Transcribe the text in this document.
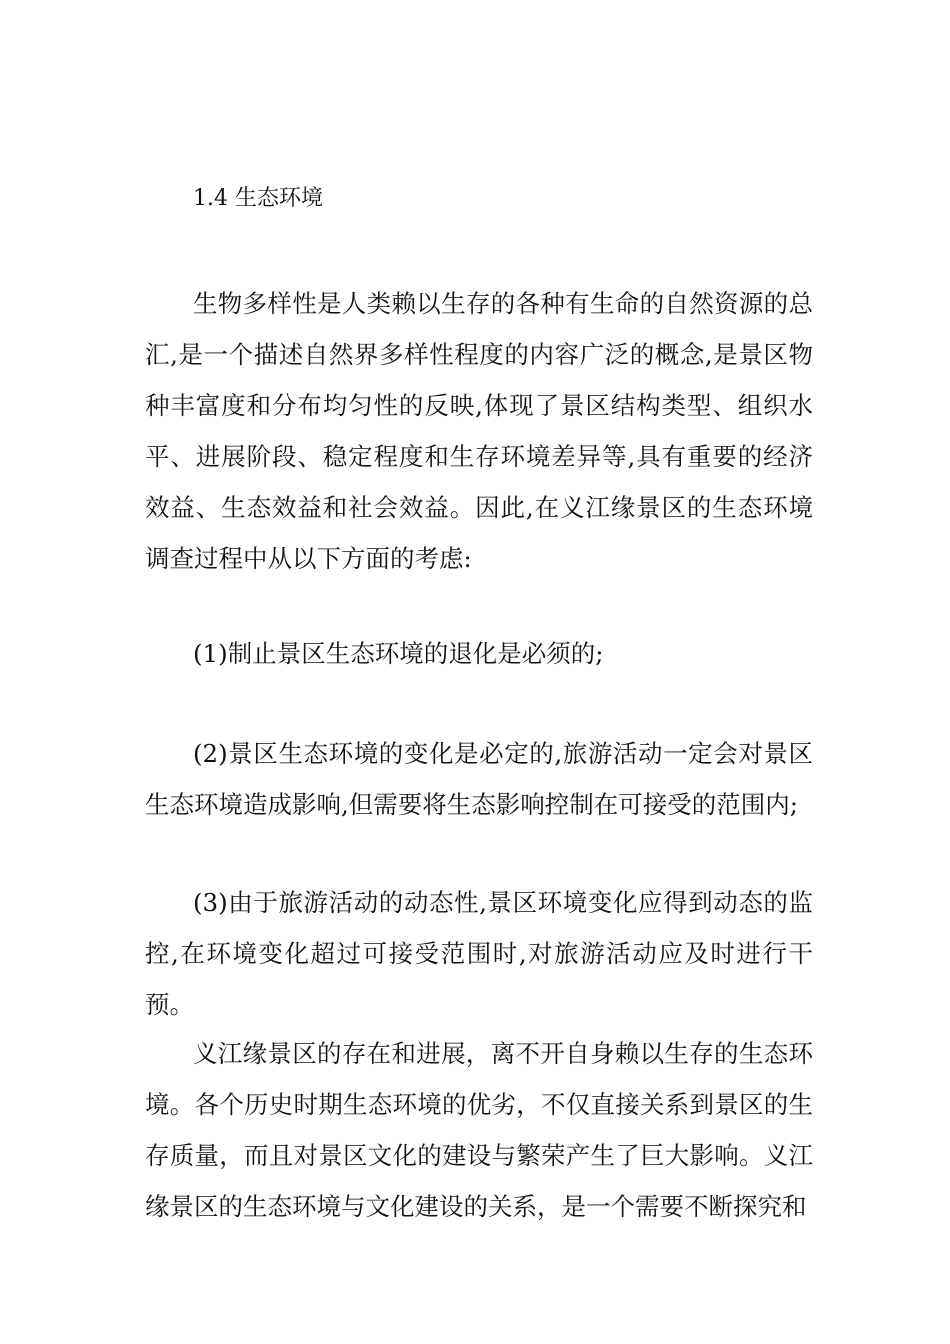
1.4 生态环境

生物多样性是人类赖以生存的各种有生命的自然资源的总汇,是一个描述自然界多样性程度的内容广泛的概念,是景区物种丰富度和分布均匀性的反映,体现了景区结构类型、组织水平、进展阶段、稳定程度和生存环境差异等,具有重要的经济效益、生态效益和社会效益。因此,在义江缘景区的生态环境调查过程中从以下方面的考虑:

(1)制止景区生态环境的退化是必须的;

(2)景区生态环境的变化是必定的,旅游活动一定会对景区生态环境造成影响,但需要将生态影响控制在可接受的范围内;

(3)由于旅游活动的动态性,景区环境变化应得到动态的监控,在环境变化超过可接受范围时,对旅游活动应及时进行干预。

义江缘景区的存在和进展，离不开自身赖以生存的生态环境。各个历史时期生态环境的优劣，不仅直接关系到景区的生存质量，而且对景区文化的建设与繁荣产生了巨大影响。义江缘景区的生态环境与文化建设的关系，是一个需要不断探究和
